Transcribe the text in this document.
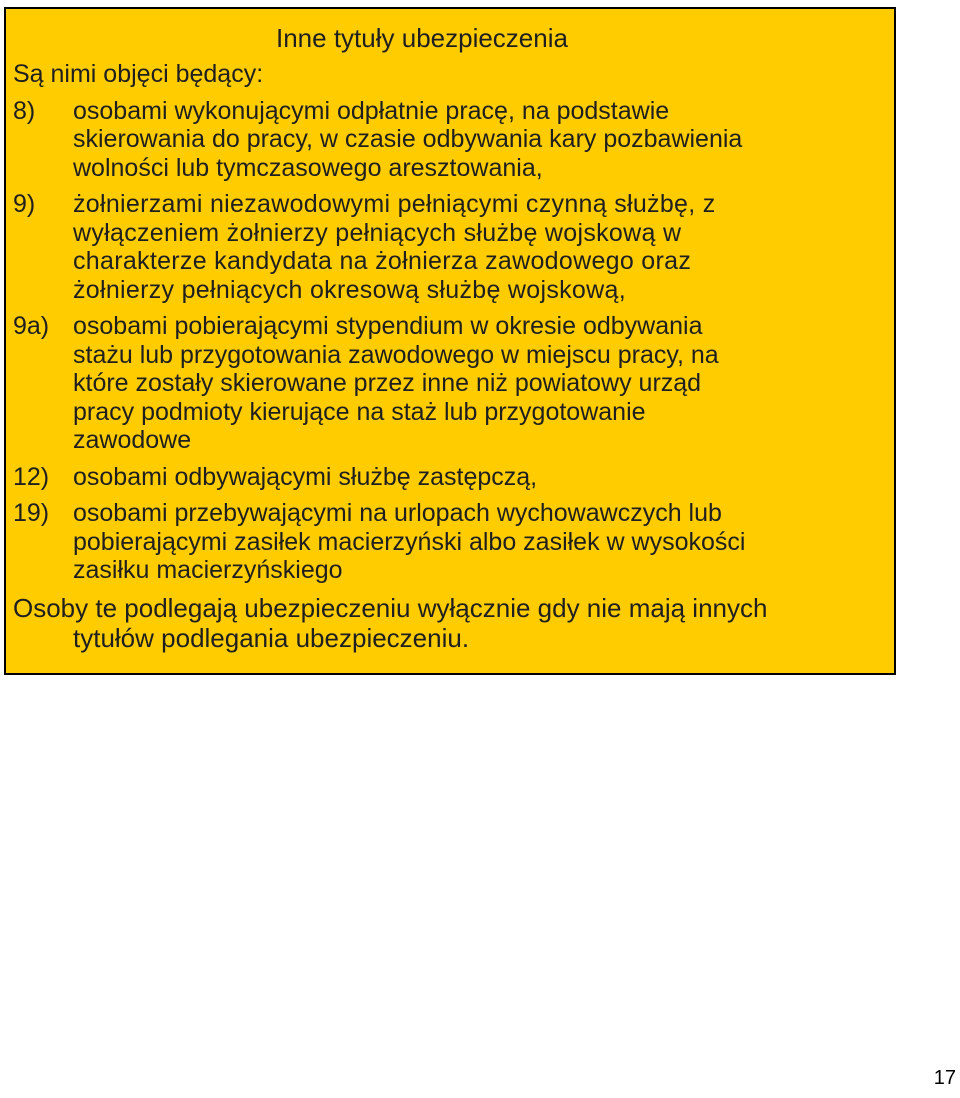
Inne tytuły ubezpieczenia
Są nimi objęci będący:
8)	osobami wykonującymi odpłatnie pracę, na podstawie
skierowania do pracy, w czasie odbywania kary pozbawienia
wolności lub tymczasowego aresztowania,
9)	żołnierzami niezawodowymi pełniącymi czynną służbę, z
wyłączeniem żołnierzy pełniących służbę wojskową w
charakterze kandydata na żołnierza zawodowego oraz
żołnierzy pełniących okresową służbę wojskową,
9a) osobami pobierającymi stypendium w okresie odbywania
stażu lub przygotowania zawodowego w miejscu pracy, na
które zostały skierowane przez inne niż powiatowy urząd
pracy podmioty kierujące na staż lub przygotowanie
zawodowe
12) osobami odbywającymi służbę zastępczą,
19) osobami przebywającymi na urlopach wychowawczych lub
pobierającymi zasiłek macierzyński albo zasiłek w wysokości
zasiłku macierzyńskiego
Osoby te podlegają ubezpieczeniu wyłącznie gdy nie mają innych
tytułów podlegania ubezpieczeniu.
17
